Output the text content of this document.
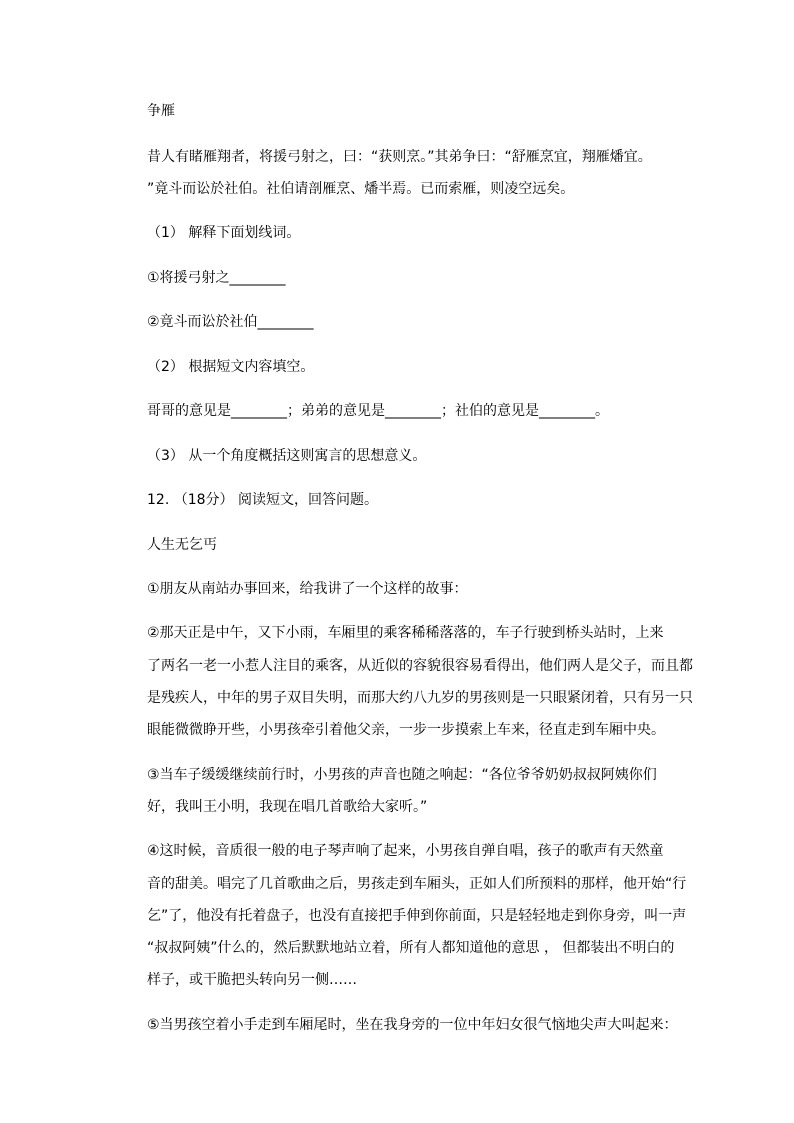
争雁
昔人有睹雁翔者，将援弓射之，曰：“获则烹。”其弟争曰：“舒雁烹宜，翔雁燔宜。
”竟斗而讼於社伯。社伯请剖雁烹、燔半焉。已而索雁，则凌空远矣。
（1） 解释下面划线词。
①将援弓射之________
②竟斗而讼於社伯________
（2） 根据短文内容填空。
哥哥的意见是________；弟弟的意见是________；社伯的意见是________。
（3） 从一个角度概括这则寓言的思想意义。
12. （18分） 阅读短文，回答问题。
人生无乞丐
①朋友从南站办事回来，给我讲了一个这样的故事：
②那天正是中午，又下小雨，车厢里的乘客稀稀落落的，车子行驶到桥头站时，上来
了两名一老一小惹人注目的乘客，从近似的容貌很容易看得出，他们两人是父子，而且都
是残疾人，中年的男子双目失明，而那大约八九岁的男孩则是一只眼紧闭着，只有另一只
眼能微微睁开些，小男孩牵引着他父亲，一步一步摸索上车来，径直走到车厢中央。
③当车子缓缓继续前行时，小男孩的声音也随之响起：“各位爷爷奶奶叔叔阿姨你们
好，我叫王小明，我现在唱几首歌给大家听。”
④这时候，音质很一般的电子琴声响了起来，小男孩自弹自唱，孩子的歌声有天然童
音的甜美。唱完了几首歌曲之后，男孩走到车厢头，正如人们所预料的那样，他开始“行
乞”了，他没有托着盘子，也没有直接把手伸到你前面，只是轻轻地走到你身旁，叫一声
“叔叔阿姨”什么的，然后默默地站立着，所有人都知道他的意思 ， 但都装出不明白的
样子，或干脆把头转向另一侧……
⑤当男孩空着小手走到车厢尾时，坐在我身旁的一位中年妇女很气恼地尖声大叫起来：
